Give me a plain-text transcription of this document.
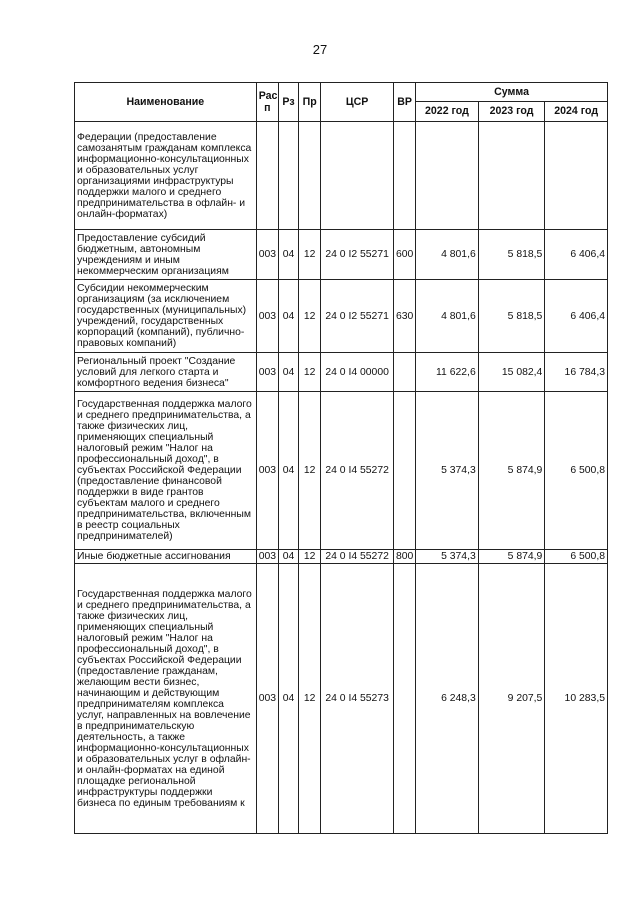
27
Наименование	Рас п	Рз	Пр	ЦСР	ВР	Сумма		
						2022 год	2023 год	2024 год
Федерации (предоставление самозанятым гражданам комплекса информационно-консультационных и образовательных услуг организациями инфраструктуры поддержки малого и среднего предпринимательства в офлайн- и онлайн-форматах)								
Предоставление субсидий бюджетным, автономным учреждениям и иным некоммерческим организациям	003	04	12	24 0 I2 55271	600	4 801,6	5 818,5	6 406,4
Субсидии некоммерческим организациям (за исключением государственных (муниципальных) учреждений, государственных корпораций (компаний), публично-правовых компаний)	003	04	12	24 0 I2 55271	630	4 801,6	5 818,5	6 406,4
Региональный проект "Создание условий для легкого старта и комфортного ведения бизнеса"	003	04	12	24 0 I4 00000		11 622,6	15 082,4	16 784,3
Государственная поддержка малого и среднего предпринимательства, а также физических лиц, применяющих специальный налоговый режим "Налог на профессиональный доход", в субъектах Российской Федерации (предоставление финансовой поддержки в виде грантов субъектам малого и среднего предпринимательства, включенным в реестр социальных предпринимателей)	003	04	12	24 0 I4 55272		5 374,3	5 874,9	6 500,8
Иные бюджетные ассигнования	003	04	12	24 0 I4 55272	800	5 374,3	5 874,9	6 500,8
Государственная поддержка малого и среднего предпринимательства, а также физических лиц, применяющих специальный налоговый режим "Налог на профессиональный доход", в субъектах Российской Федерации (предоставление гражданам, желающим вести бизнес, начинающим и действующим предпринимателям комплекса услуг, направленных на вовлечение в предпринимательскую деятельность, а также информационно-консультационных и образовательных услуг в офлайн- и онлайн-форматах на единой площадке региональной инфраструктуры поддержки бизнеса по единым требованиям к	003	04	12	24 0 I4 55273		6 248,3	9 207,5	10 283,5
